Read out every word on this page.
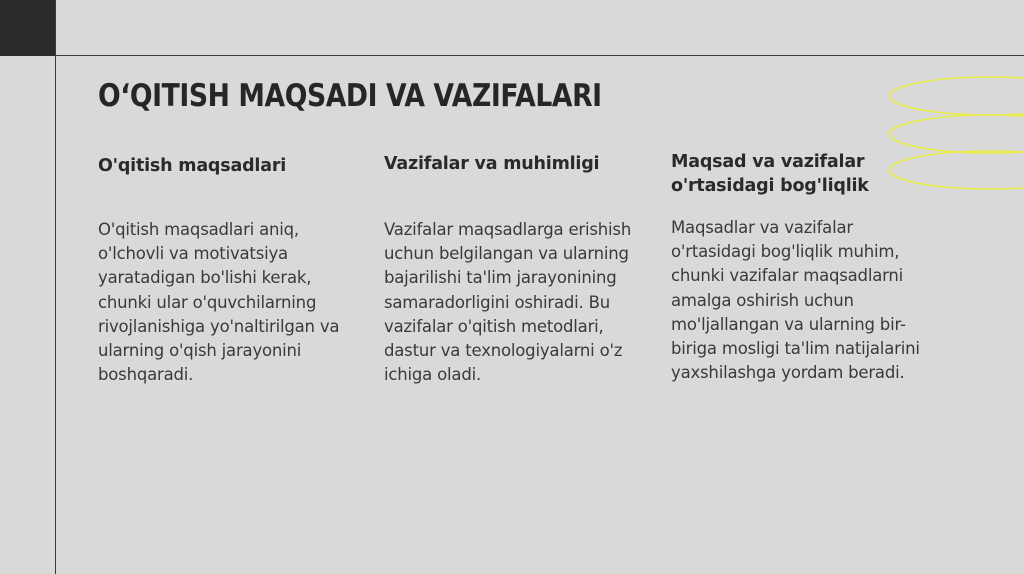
O‘QITISH MAQSADI VA VAZIFALARI
O'qitish maqsadlari

O'qitish maqsadlari aniq, o'lchovli va motivatsiya yaratadigan bo'lishi kerak, chunki ular o'quvchilarning rivojlanishiga yo'naltirilgan va ularning o'qish jarayonini boshqaradi.

Vazifalar va muhimligi

Vazifalar maqsadlarga erishish uchun belgilangan va ularning bajarilishi ta'lim jarayonining samaradorligini oshiradi. Bu vazifalar o'qitish metodlari, dastur va texnologiyalarni o'z ichiga oladi.

Maqsad va vazifalar o'rtasidagi bog'liqlik

Maqsadlar va vazifalar o'rtasidagi bog'liqlik muhim, chunki vazifalar maqsadlarni amalga oshirish uchun mo'ljallangan va ularning bir-biriga mosligi ta'lim natijalarini yaxshilashga yordam beradi.
